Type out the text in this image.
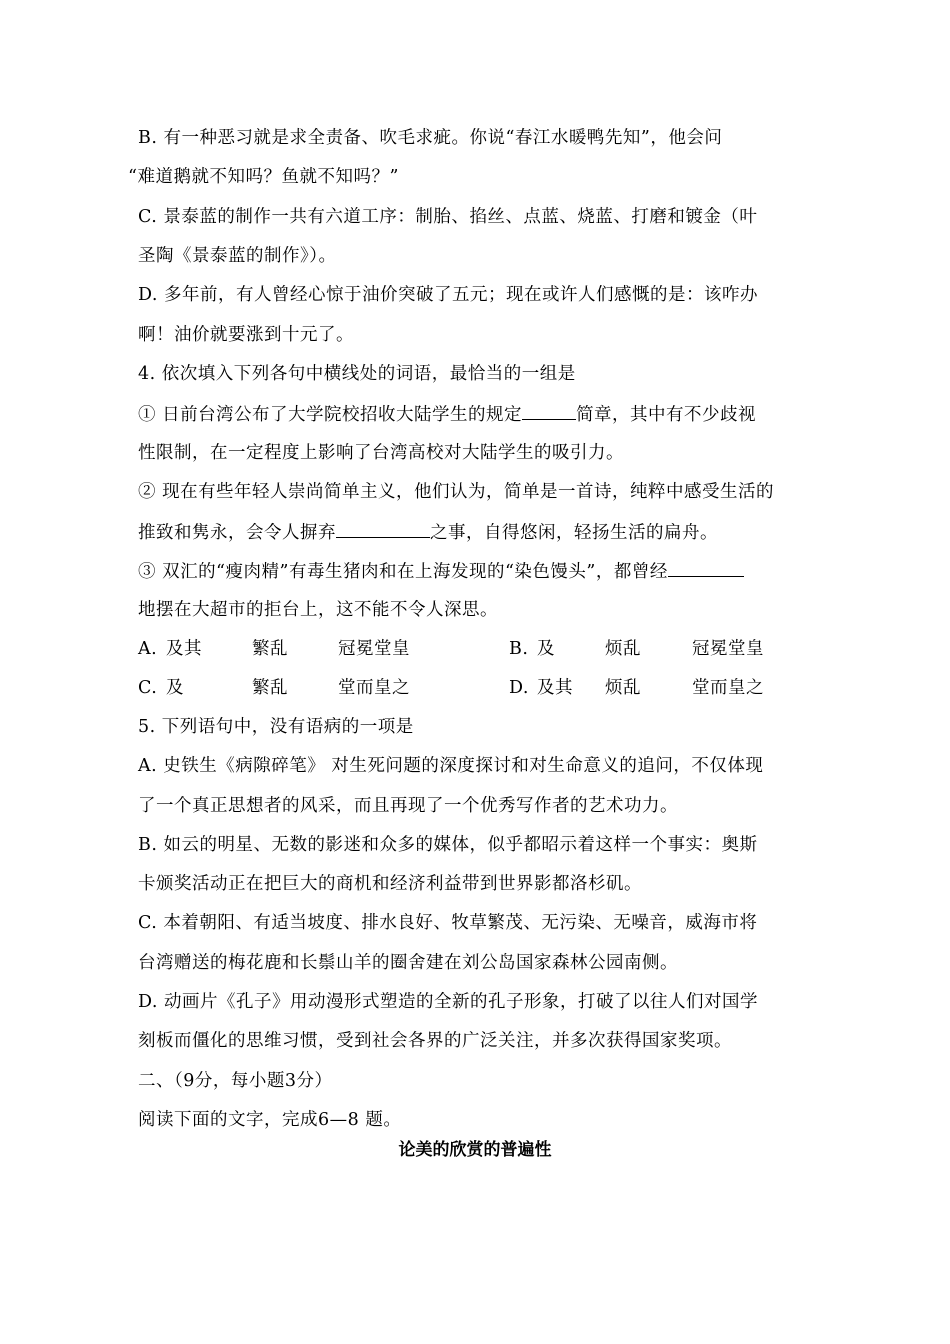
B. 有一种恶习就是求全责备、吹毛求疵。你说“春江水暖鸭先知”，他会问
“难道鹅就不知吗？鱼就不知吗？”
C. 景泰蓝的制作一共有六道工序：制胎、掐丝、点蓝、烧蓝、打磨和镀金（叶
圣陶《景泰蓝的制作》）。
D. 多年前，有人曾经心惊于油价突破了五元；现在或许人们感慨的是：该咋办
啊！油价就要涨到十元了。
4. 依次填入下列各句中横线处的词语，最恰当的一组是
① 日前台湾公布了大学院校招收大陆学生的规定	简章，其中有不少歧视
性限制，在一定程度上影响了台湾高校对大陆学生的吸引力。
② 现在有些年轻人崇尚简单主义，他们认为，简单是一首诗，纯粹中感受生活的
推致和隽永，会令人摒弃	之事，自得悠闲，轻扬生活的扁舟。
③ 双汇的“瘦肉精”有毒生猪肉和在上海发现的“染色馒头”，都曾经
地摆在大超市的拒台上，这不能不令人深思。
A. 及其	繁乱	冠冕堂皇	B. 及	烦乱	冠冕堂皇
C. 及	繁乱	堂而皇之	D. 及其 烦乱	堂而皇之
5. 下列语句中，没有语病的一项是
A. 史铁生《病隙碎笔》 对生死问题的深度探讨和对生命意义的追问，不仅体现
了一个真正思想者的风采，而且再现了一个优秀写作者的艺术功力。
B. 如云的明星、无数的影迷和众多的媒体，似乎都昭示着这样一个事实：奥斯
卡颁奖活动正在把巨大的商机和经济利益带到世界影都洛杉矶。
C. 本着朝阳、有适当坡度、排水良好、牧草繁茂、无污染、无噪音，威海市将
台湾赠送的梅花鹿和长鬃山羊的圈舍建在刘公岛国家森林公园南侧。
D. 动画片《孔子》用动漫形式塑造的全新的孔子形象，打破了以往人们对国学
刻板而僵化的思维习惯，受到社会各界的广泛关注，并多次获得国家奖项。
二、（9分，每小题3分）
阅读下面的文字，完成6—8 题。
论美的欣赏的普遍性
